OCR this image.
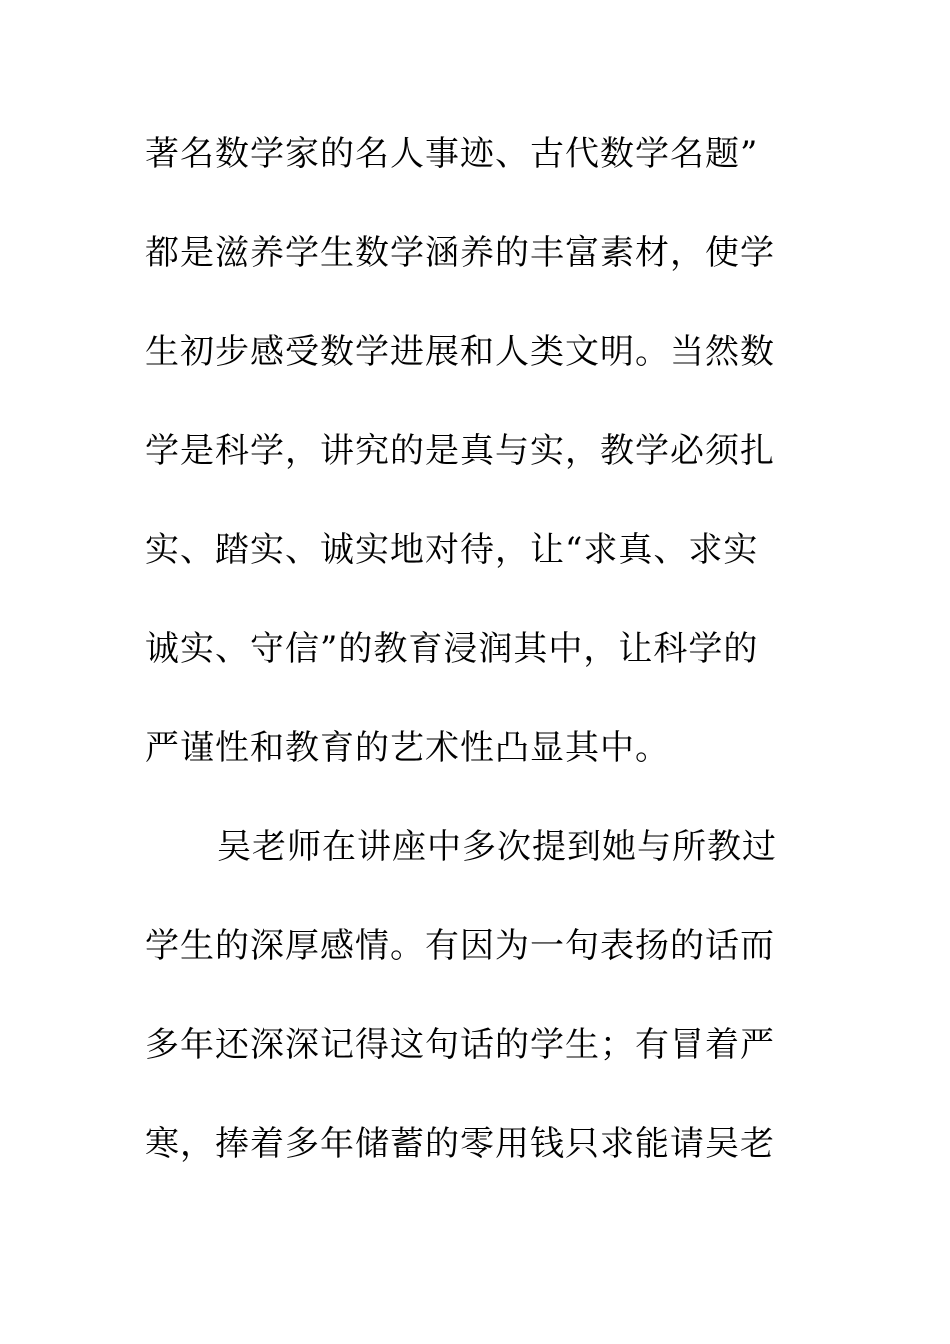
著名数学家的名人事迹、古代数学名题”
都是滋养学生数学涵养的丰富素材，使学
生初步感受数学进展和人类文明。当然数
学是科学，讲究的是真与实，教学必须扎
实、踏实、诚实地对待，让“求真、求实
诚实、守信”的教育浸润其中，让科学的
严谨性和教育的艺术性凸显其中。
吴老师在讲座中多次提到她与所教过
学生的深厚感情。有因为一句表扬的话而
多年还深深记得这句话的学生；有冒着严
寒，捧着多年储蓄的零用钱只求能请吴老
